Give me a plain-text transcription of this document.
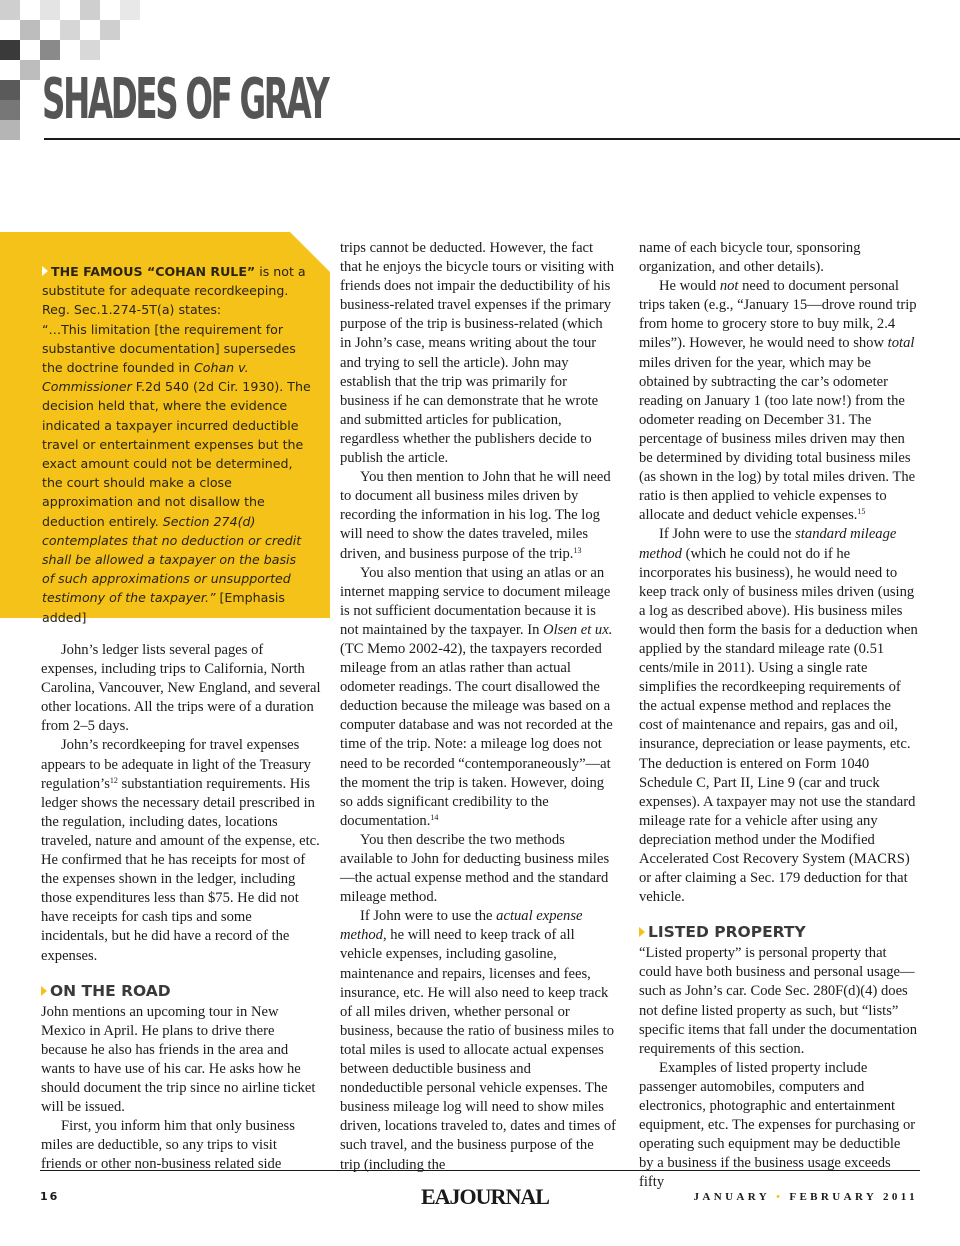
SHADES OF GRAY

THE FAMOUS “COHAN RULE” is not a substitute for adequate recordkeeping. Reg. Sec.1.274-5T(a) states:
“…This limitation [the requirement for substantive documentation] supersedes the doctrine founded in Cohan v. Commissioner F.2d 540 (2d Cir. 1930). The decision held that, where the evidence indicated a taxpayer incurred deductible travel or entertainment expenses but the exact amount could not be determined, the court should make a close approximation and not disallow the deduction entirely. Section 274(d) contemplates that no deduction or credit shall be allowed a taxpayer on the basis of such approximations or unsupported testimony of the taxpayer.” [Emphasis added]

John’s ledger lists several pages of expenses, including trips to California, North Carolina, Vancouver, New England, and several other locations. All the trips were of a duration from 2–5 days.

John’s recordkeeping for travel expenses appears to be adequate in light of the Treasury $regulation’s^{12}$ substantiation requirements. His ledger shows the necessary detail prescribed in the regulation, including dates, locations traveled, nature and amount of the expense, etc. He confirmed that he has receipts for most of the expenses shown in the ledger, including those expenditures less than $75. He did not have receipts for cash tips and some incidentals, but he did have a record of the expenses.

ON THE ROAD

John mentions an upcoming tour in New Mexico in April. He plans to drive there because he also has friends in the area and wants to have use of his car. He asks how he should document the trip since no airline ticket will be issued.

First, you inform him that only business miles are deductible, so any trips to visit friends or other non-business related side

trips cannot be deducted. However, the fact that he enjoys the bicycle tours or visiting with friends does not impair the deductibility of his business-related travel expenses if the primary purpose of the trip is business-related (which in John’s case, means writing about the tour and trying to sell the article). John may establish that the trip was primarily for business if he can demonstrate that he wrote and submitted articles for publication, regardless whether the publishers decide to publish the article.

You then mention to John that he will need to document all business miles driven by recording the information in his log. The log will need to show the dates traveled, miles driven, and business purpose of the trip.$^{13}$

You also mention that using an atlas or an internet mapping service to document mileage is not sufficient documentation because it is not maintained by the taxpayer. In Olsen et ux. (TC Memo 2002-42), the taxpayers recorded mileage from an atlas rather than actual odometer readings. The court disallowed the deduction because the mileage was based on a computer database and was not recorded at the time of the trip. Note: a mileage log does not need to be recorded “contemporaneously”—at the moment the trip is taken. However, doing so adds significant credibility to the documentation.$^{14}$

You then describe the two methods available to John for deducting business miles—the actual expense method and the standard mileage method.

If John were to use the actual expense method, he will need to keep track of all vehicle expenses, including gasoline, maintenance and repairs, licenses and fees, insurance, etc. He will also need to keep track of all miles driven, whether personal or business, because the ratio of business miles to total miles is used to allocate actual expenses between deductible business and nondeductible personal vehicle expenses. The business mileage log will need to show miles driven, locations traveled to, dates and times of such travel, and the business purpose of the trip (including the

name of each bicycle tour, sponsoring organization, and other details).

He would not need to document personal trips taken (e.g., “January 15—drove round trip from home to grocery store to buy milk, 2.4 miles”). However, he would need to show total miles driven for the year, which may be obtained by subtracting the car’s odometer reading on January 1 (too late now!) from the odometer reading on December 31. The percentage of business miles driven may then be determined by dividing total business miles (as shown in the log) by total miles driven. The ratio is then applied to vehicle expenses to allocate and deduct vehicle expenses.$^{15}$

If John were to use the standard mileage method (which he could not do if he incorporates his business), he would need to keep track only of business miles driven (using a log as described above). His business miles would then form the basis for a deduction when applied by the standard mileage rate (0.51 cents/mile in 2011). Using a single rate simplifies the recordkeeping requirements of the actual expense method and replaces the cost of maintenance and repairs, gas and oil, insurance, depreciation or lease payments, etc. The deduction is entered on Form 1040 Schedule C, Part II, Line 9 (car and truck expenses). A taxpayer may not use the standard mileage rate for a vehicle after using any depreciation method under the Modified Accelerated Cost Recovery System (MACRS) or after claiming a Sec. 179 deduction for that vehicle.

LISTED PROPERTY

“Listed property” is personal property that could have both business and personal usage—such as John’s car. Code Sec. 280F(d)(4) does not define listed property as such, but “lists” specific items that fall under the documentation requirements of this section.

Examples of listed property include passenger automobiles, computers and electronics, photographic and entertainment equipment, etc. The expenses for purchasing or operating such equipment may be deductible by a business if the business usage exceeds fifty

16	EAJOURNAL	JANUARY • FEBRUARY 2011
